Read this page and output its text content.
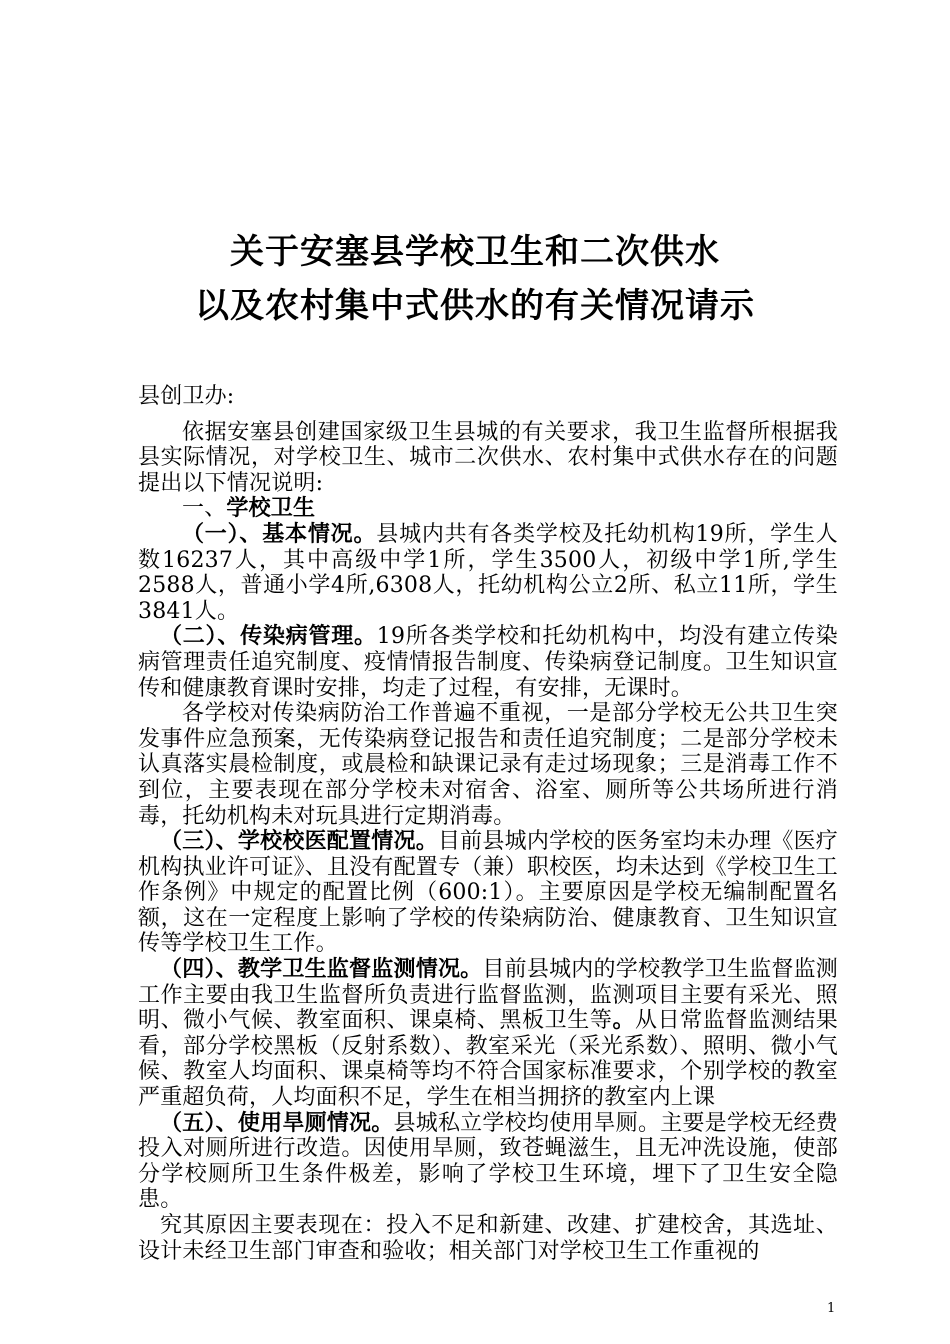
关于安塞县学校卫生和二次供水
以及农村集中式供水的有关情况请示

县创卫办:

依据安塞县创建国家级卫生县城的有关要求，我卫生监督所根据我县实际情况，对学校卫生、城市二次供水、农村集中式供水存在的问题提出以下情况说明:

一、学校卫生

（一）、基本情况。县城内共有各类学校及托幼机构19所，学生人数16237人，其中高级中学1所，学生3500人，初级中学1所,学生2588人，普通小学4所,6308人，托幼机构公立2所、私立11所，学生3841人。

（二）、传染病管理。19所各类学校和托幼机构中，均没有建立传染病管理责任追究制度、疫情情报告制度、传染病登记制度。卫生知识宣传和健康教育课时安排，均走了过程，有安排，无课时。

各学校对传染病防治工作普遍不重视，一是部分学校无公共卫生突发事件应急预案，无传染病登记报告和责任追究制度；二是部分学校未认真落实晨检制度，或晨检和缺课记录有走过场现象；三是消毒工作不到位，主要表现在部分学校未对宿舍、浴室、厕所等公共场所进行消毒，托幼机构未对玩具进行定期消毒。

（三）、学校校医配置情况。目前县城内学校的医务室均未办理《医疗机构执业许可证》、且没有配置专（兼）职校医，均未达到《学校卫生工作条例》中规定的配置比例（600:1）。主要原因是学校无编制配置名额，这在一定程度上影响了学校的传染病防治、健康教育、卫生知识宣传等学校卫生工作。

（四）、教学卫生监督监测情况。目前县城内的学校教学卫生监督监测工作主要由我卫生监督所负责进行监督监测，监测项目主要有采光、照明、微小气候、教室面积、课桌椅、黑板卫生等。从日常监督监测结果看，部分学校黑板（反射系数）、教室采光（采光系数）、照明、微小气候、教室人均面积、课桌椅等均不符合国家标准要求，个别学校的教室严重超负荷，人均面积不足，学生在相当拥挤的教室内上课

（五）、使用旱厕情况。县城私立学校均使用旱厕。主要是学校无经费投入对厕所进行改造。因使用旱厕，致苍蝇滋生，且无冲洗设施，使部分学校厕所卫生条件极差，影响了学校卫生环境，埋下了卫生安全隐患。

究其原因主要表现在：投入不足和新建、改建、扩建校舍，其选址、设计未经卫生部门审查和验收；相关部门对学校卫生工作重视的

1
